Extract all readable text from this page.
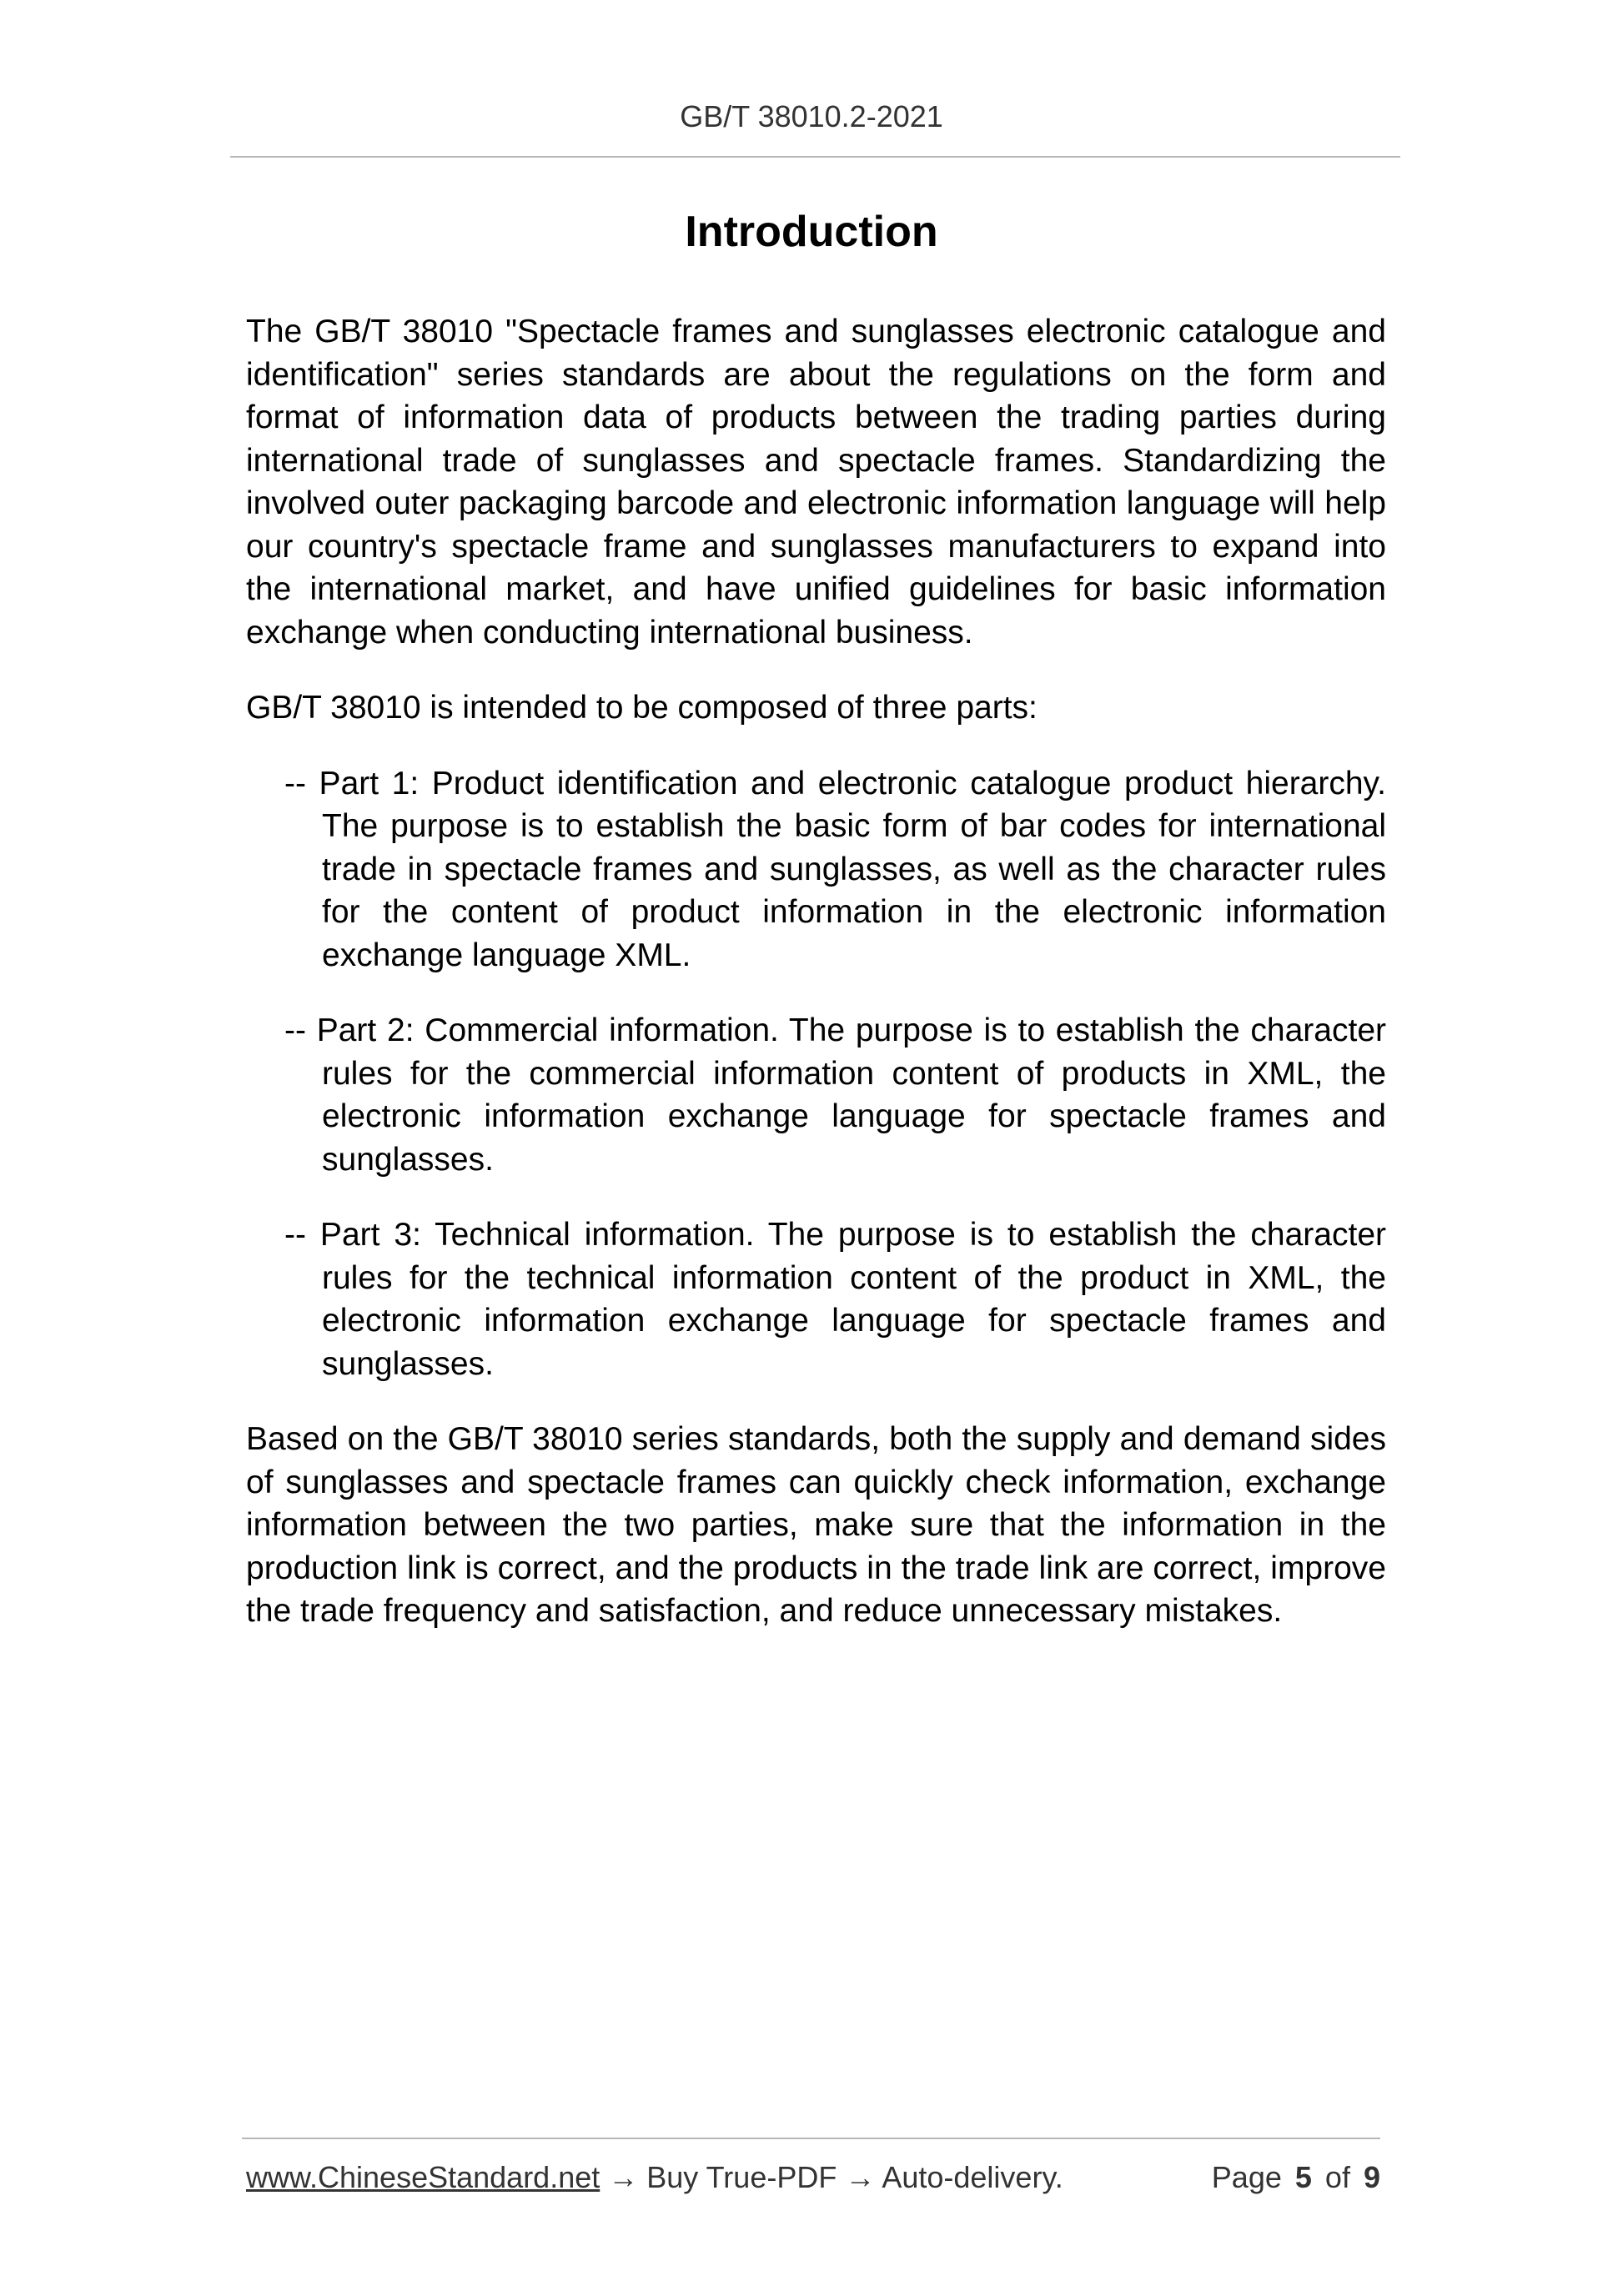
GB/T 38010.2-2021
Introduction

The GB/T 38010 "Spectacle frames and sunglasses electronic catalogue and identification" series standards are about the regulations on the form and format of information data of products between the trading parties during international trade of sunglasses and spectacle frames. Standardizing the involved outer packaging barcode and electronic information language will help our country's spectacle frame and sunglasses manufacturers to expand into the international market, and have unified guidelines for basic information exchange when conducting international business.

GB/T 38010 is intended to be composed of three parts:

-- Part 1: Product identification and electronic catalogue product hierarchy. The purpose is to establish the basic form of bar codes for international trade in spectacle frames and sunglasses, as well as the character rules for the content of product information in the electronic information exchange language XML.
-- Part 2: Commercial information. The purpose is to establish the character rules for the commercial information content of products in XML, the electronic information exchange language for spectacle frames and sunglasses.
-- Part 3: Technical information. The purpose is to establish the character rules for the technical information content of the product in XML, the electronic information exchange language for spectacle frames and sunglasses.

Based on the GB/T 38010 series standards, both the supply and demand sides of sunglasses and spectacle frames can quickly check information, exchange information between the two parties, make sure that the information in the production link is correct, and the products in the trade link are correct, improve the trade frequency and satisfaction, and reduce unnecessary mistakes.

www.ChineseStandard.net → Buy True-PDF → Auto-delivery.	Page 5 of 9
